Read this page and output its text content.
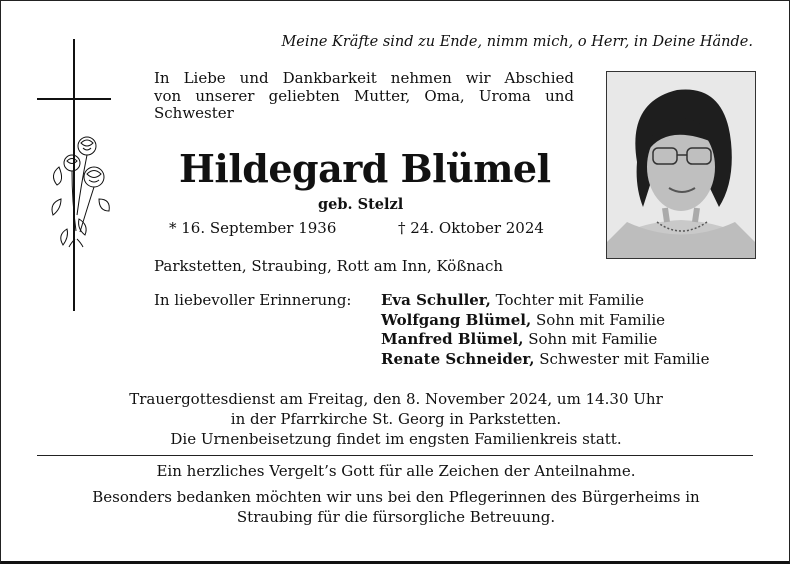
Meine Kräfte sind zu Ende, nimm mich, o Herr, in Deine Hände.
In Liebe und Dankbarkeit nehmen wir Abschied
von unserer geliebten Mutter, Oma, Uroma und
Schwester
Hildegard Blümel
geb. Stelzl
* 16. September 1936	† 24. Oktober 2024
Parkstetten, Straubing, Rott am Inn, Kößnach
In liebevoller Erinnerung: Eva Schuller, Tochter mit Familie
Wolfgang Blümel, Sohn mit Familie
Manfred Blümel, Sohn mit Familie
Renate Schneider, Schwester mit Familie
Trauergottesdienst am Freitag, den 8. November 2024, um 14.30 Uhr
in der Pfarrkirche St. Georg in Parkstetten.
Die Urnenbeisetzung findet im engsten Familienkreis statt.
Ein herzliches Vergelt’s Gott für alle Zeichen der Anteilnahme.
Besonders bedanken möchten wir uns bei den Pflegerinnen des Bürgerheims in
Straubing für die fürsorgliche Betreuung.
